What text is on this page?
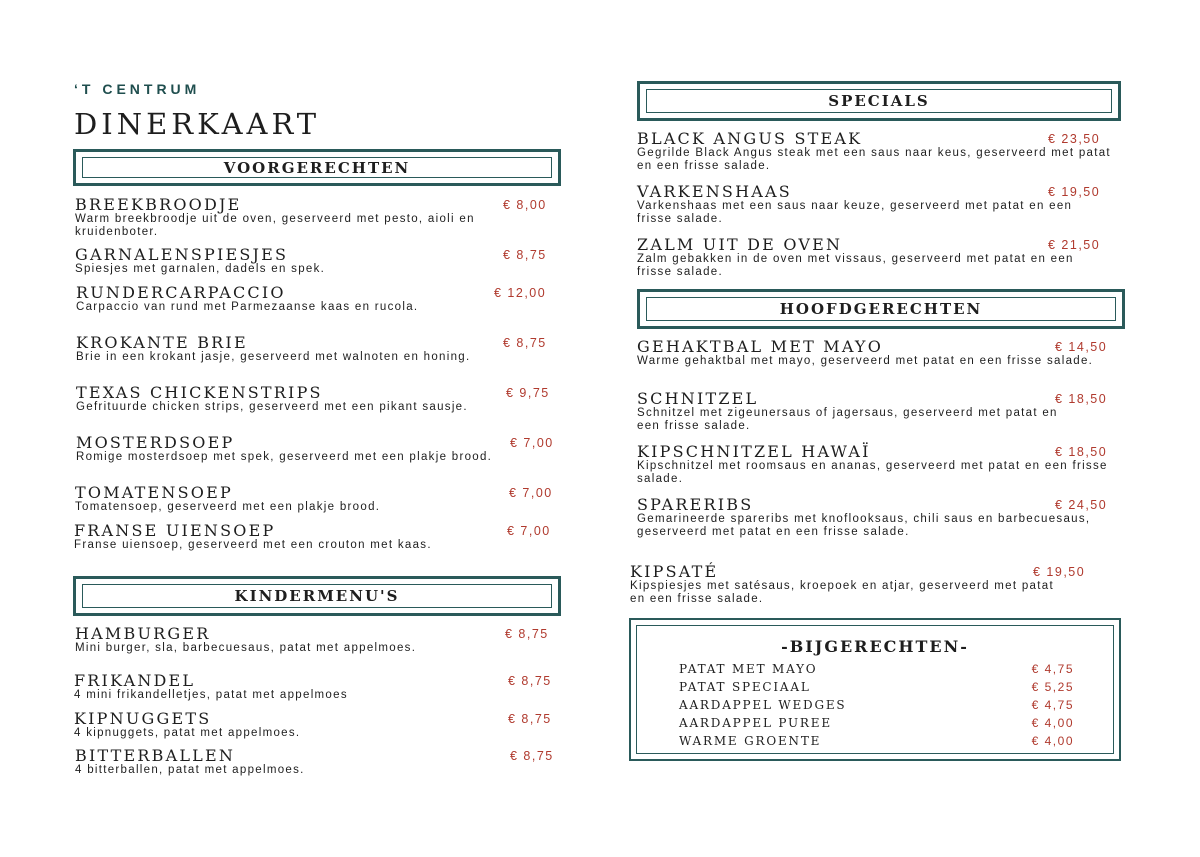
‘T CENTRUM
DINERKAART
VOORGERECHTEN
KINDERMENU'S
SPECIALS
HOOFDGERECHTEN
BREEKBROODJE	€ 8,00
Warm breekbroodje uit de oven, geserveerd met pesto, aioli en kruidenboter.
GARNALENSPIESJES	€ 8,75
Spiesjes met garnalen, dadels en spek.
RUNDERCARPACCIO	€ 12,00
Carpaccio van rund met Parmezaanse kaas en rucola.
KROKANTE BRIE	€ 8,75
Brie in een krokant jasje, geserveerd met walnoten en honing.
TEXAS CHICKENSTRIPS	€ 9,75
Gefrituurde chicken strips, geserveerd met een pikant sausje.
MOSTERDSOEP	€ 7,00
Romige mosterdsoep met spek, geserveerd met een plakje brood.
TOMATENSOEP	€ 7,00
Tomatensoep, geserveerd met een plakje brood.
FRANSE UIENSOEP	€ 7,00
Franse uiensoep, geserveerd met een crouton met kaas.
HAMBURGER	€ 8,75
Mini burger, sla, barbecuesaus, patat met appelmoes.
FRIKANDEL	€ 8,75
4 mini frikandelletjes, patat met appelmoes
KIPNUGGETS	€ 8,75
4 kipnuggets, patat met appelmoes.
BITTERBALLEN	€ 8,75
4 bitterballen, patat met appelmoes.
BLACK ANGUS STEAK	€ 23,50
Gegrilde Black Angus steak met een saus naar keus, geserveerd met patat en een frisse salade.
VARKENSHAAS	€ 19,50
Varkenshaas met een saus naar keuze, geserveerd met patat en een frisse salade.
ZALM UIT DE OVEN	€ 21,50
Zalm gebakken in de oven met vissaus, geserveerd met patat en een frisse salade.
GEHAKTBAL MET MAYO	€ 14,50
Warme gehaktbal met mayo, geserveerd met patat en een frisse salade.
SCHNITZEL	€ 18,50
Schnitzel met zigeunersaus of jagersaus, geserveerd met patat en een frisse salade.
KIPSCHNITZEL HAWAÏ	€ 18,50
Kipschnitzel met roomsaus en ananas, geserveerd met patat en een frisse salade.
SPARERIBS	€ 24,50
Gemarineerde spareribs met knoflooksaus, chili saus en barbecuesaus, geserveerd met patat en een frisse salade.
KIPSATÉ	€ 19,50
Kipspiesjes met satésaus, kroepoek en atjar, geserveerd met patat en een frisse salade.
-BIJGERECHTEN-
PATAT MET MAYO	€ 4,75
PATAT SPECIAAL	€ 5,25
AARDAPPEL WEDGES	€ 4,75
AARDAPPEL PUREE	€ 4,00
WARME GROENTE	€ 4,00
